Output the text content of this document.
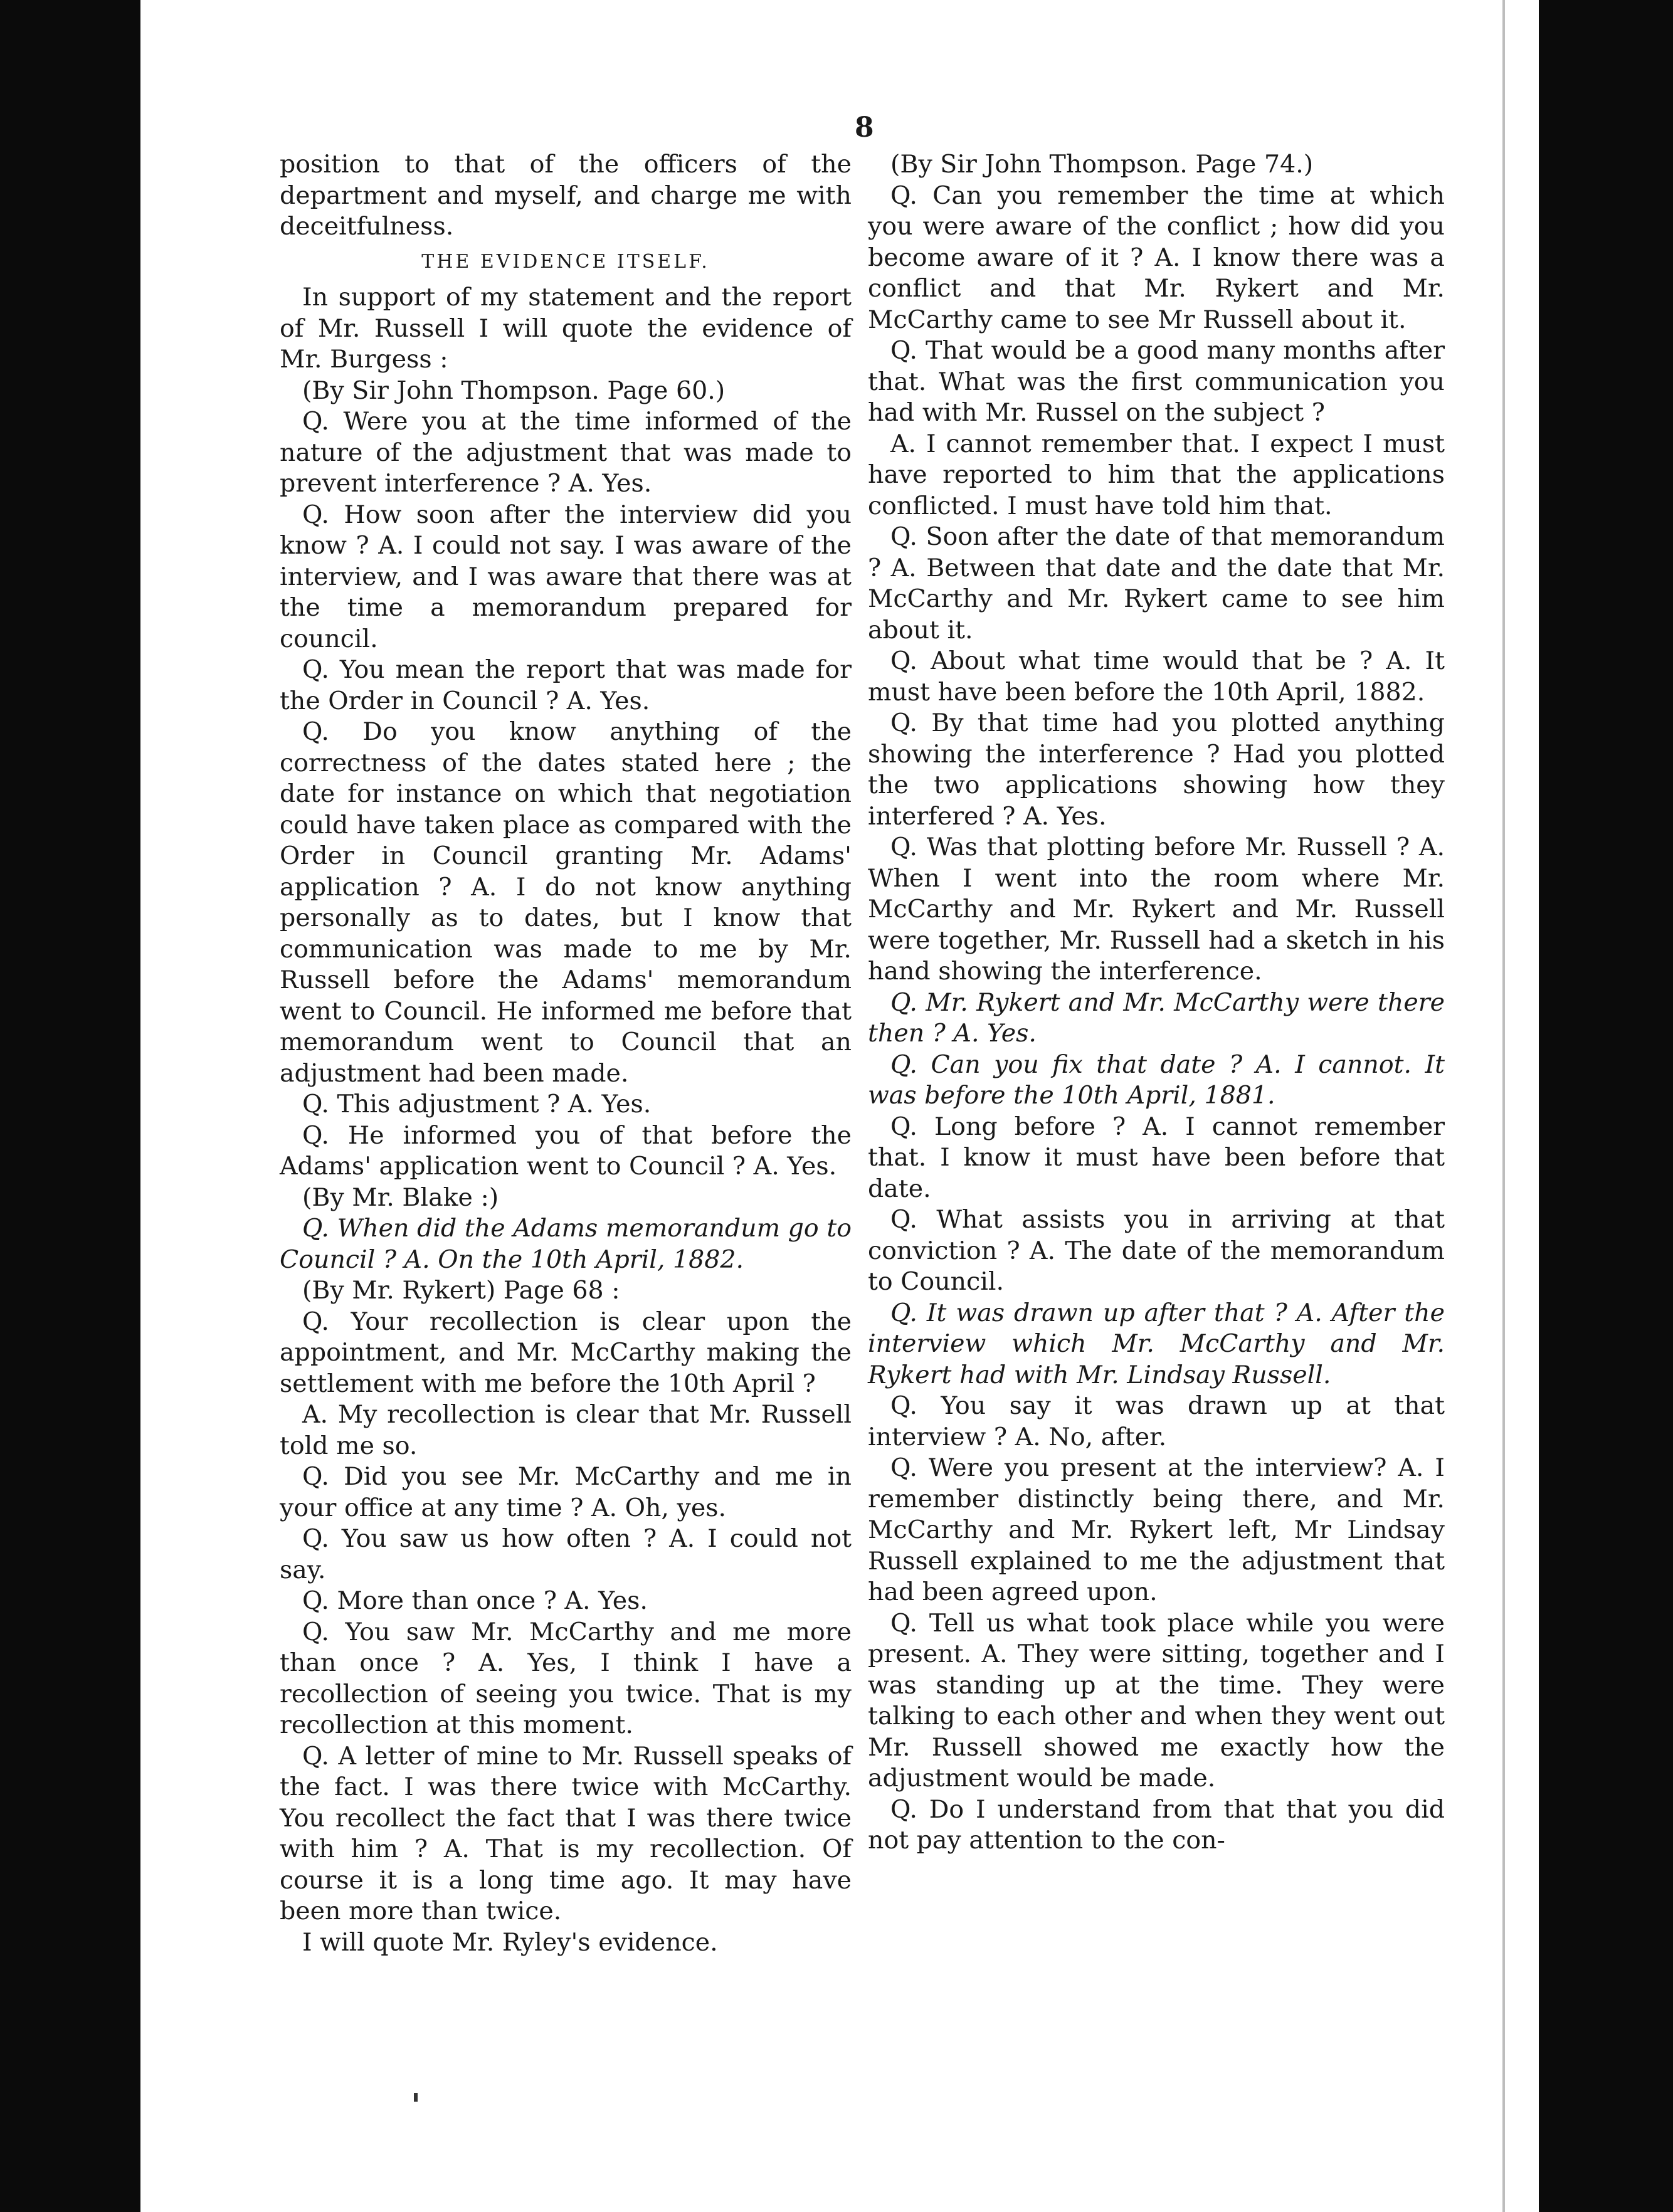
8

position to that of the officers of the department and myself, and charge me with deceitfulness.

THE EVIDENCE ITSELF.

In support of my statement and the report of Mr. Russell I will quote the evidence of Mr. Burgess :

(By Sir John Thompson. Page 60.)

Q. Were you at the time informed of the nature of the adjustment that was made to prevent interference ? A. Yes.

Q. How soon after the interview did you know ? A. I could not say. I was aware of the interview, and I was aware that there was at the time a memorandum prepared for council.

Q. You mean the report that was made for the Order in Council ? A. Yes.

Q. Do you know anything of the correctness of the dates stated here ; the date for instance on which that negotiation could have taken place as compared with the Order in Council granting Mr. Adams' application ? A. I do not know anything personally as to dates, but I know that communication was made to me by Mr. Russell before the Adams' memorandum went to Council. He informed me before that memorandum went to Council that an adjustment had been made.

Q. This adjustment ? A. Yes.

Q. He informed you of that before the Adams' application went to Council ? A. Yes.

(By Mr. Blake :)

Q. When did the Adams memorandum go to Council ? A. On the 10th April, 1882.

(By Mr. Rykert) Page 68 :

Q. Your recollection is clear upon the appointment, and Mr. McCarthy making the settlement with me before the 10th April ?

A. My recollection is clear that Mr. Russell told me so.

Q. Did you see Mr. McCarthy and me in your office at any time ? A. Oh, yes.

Q. You saw us how often ? A. I could not say.

Q. More than once ? A. Yes.

Q. You saw Mr. McCarthy and me more than once ? A. Yes, I think I have a recollection of seeing you twice. That is my recollection at this moment.

Q. A letter of mine to Mr. Russell speaks of the fact. I was there twice with McCarthy. You recollect the fact that I was there twice with him ? A. That is my recollection. Of course it is a long time ago. It may have been more than twice.

I will quote Mr. Ryley's evidence.

(By Sir John Thompson. Page 74.)

Q. Can you remember the time at which you were aware of the conflict ; how did you become aware of it ? A. I know there was a conflict and that Mr. Rykert and Mr. McCarthy came to see Mr Russell about it.

Q. That would be a good many months after that. What was the first communication you had with Mr. Russel on the subject ?

A. I cannot remember that. I expect I must have reported to him that the applications conflicted. I must have told him that.

Q. Soon after the date of that memorandum ? A. Between that date and the date that Mr. McCarthy and Mr. Rykert came to see him about it.

Q. About what time would that be ? A. It must have been before the 10th April, 1882.

Q. By that time had you plotted anything showing the interference ? Had you plotted the two applications showing how they interfered ? A. Yes.

Q. Was that plotting before Mr. Russell ? A. When I went into the room where Mr. McCarthy and Mr. Rykert and Mr. Russell were together, Mr. Russell had a sketch in his hand showing the interference.

Q. Mr. Rykert and Mr. McCarthy were there then ? A. Yes.

Q. Can you fix that date ? A. I cannot. It was before the 10th April, 1881.

Q. Long before ? A. I cannot remember that. I know it must have been before that date.

Q. What assists you in arriving at that conviction ? A. The date of the memorandum to Council.

Q. It was drawn up after that ? A. After the interview which Mr. McCarthy and Mr. Rykert had with Mr. Lindsay Russell.

Q. You say it was drawn up at that interview ? A. No, after.

Q. Were you present at the interview? A. I remember distinctly being there, and Mr. McCarthy and Mr. Rykert left, Mr Lindsay Russell explained to me the adjustment that had been agreed upon.

Q. Tell us what took place while you were present. A. They were sitting, together and I was standing up at the time. They were talking to each other and when they went out Mr. Russell showed me exactly how the adjustment would be made.

Q. Do I understand from that that you did not pay attention to the con-
